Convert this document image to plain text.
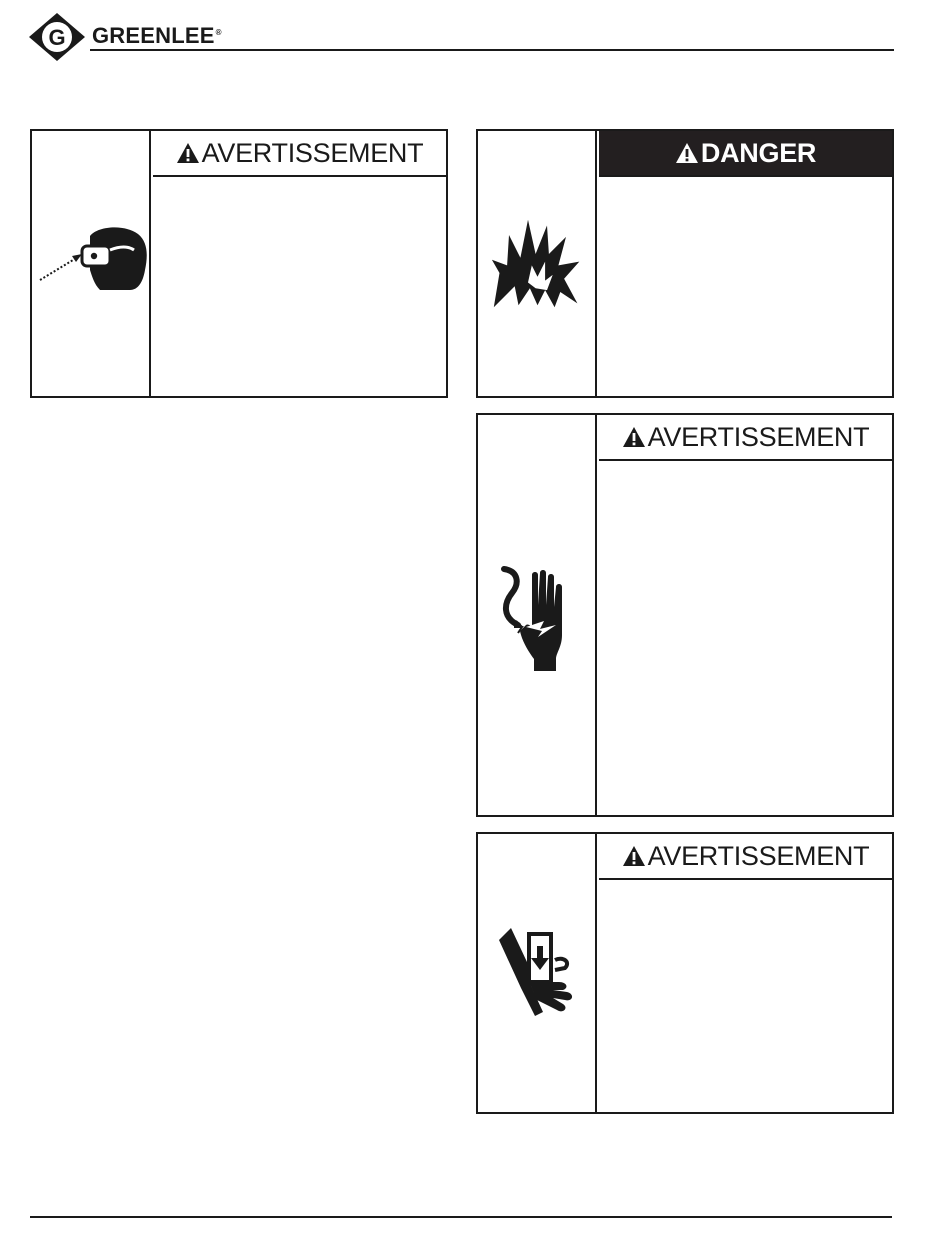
G GREENLEE®
AVERTISSEMENT	DANGER
AVERTISSEMENT
AVERTISSEMENT
